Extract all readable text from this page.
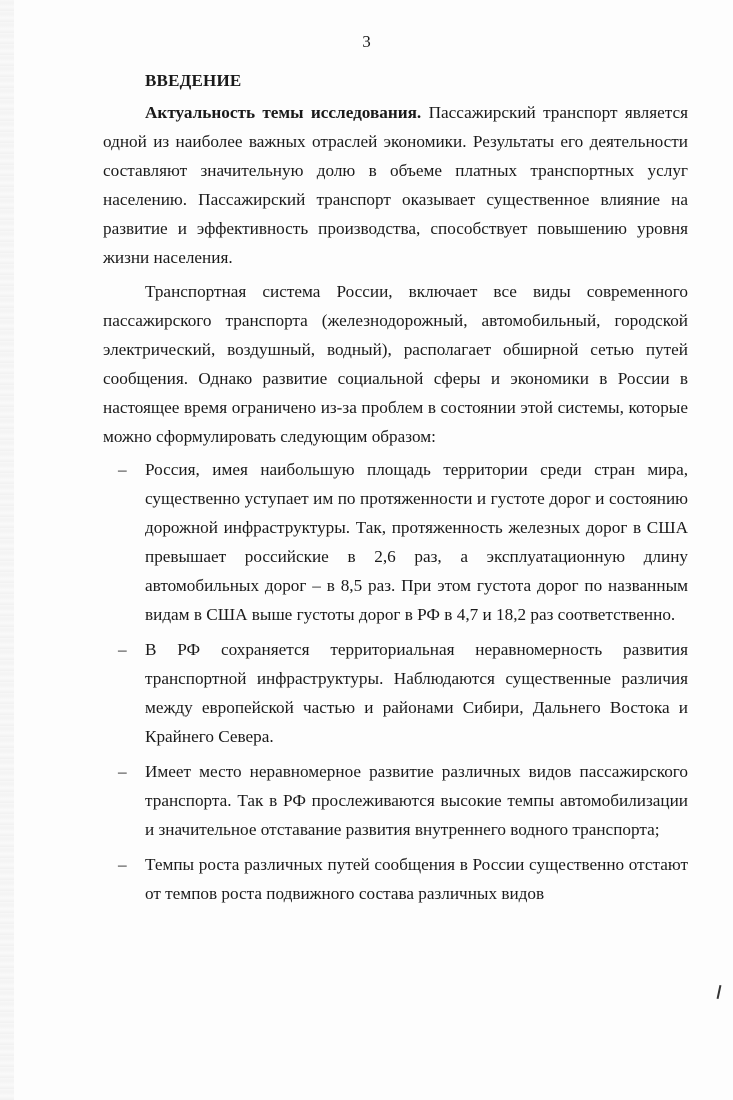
3
ВВЕДЕНИЕ

Актуальность темы исследования. Пассажирский транспорт является одной из наиболее важных отраслей экономики. Результаты его деятельности составляют значительную долю в объеме платных транспортных услуг населению. Пассажирский транспорт оказывает существенное влияние на развитие и эффективность производства, способствует повышению уровня жизни населения.

Транспортная система России, включает все виды современного пассажирского транспорта (железнодорожный, автомобильный, городской электрический, воздушный, водный), располагает обширной сетью путей сообщения. Однако развитие социальной сферы и экономики в России в настоящее время ограничено из-за проблем в состоянии этой системы, которые можно сформулировать следующим образом:

– Россия, имея наибольшую площадь территории среди стран мира, существенно уступает им по протяженности и густоте дорог и состоянию дорожной инфраструктуры. Так, протяженность железных дорог в США превышает российские в 2,6 раз, а эксплуатационную длину автомобильных дорог – в 8,5 раз. При этом густота дорог по названным видам в США выше густоты дорог в РФ в 4,7 и 18,2 раз соответственно.
– В РФ сохраняется территориальная неравномерность развития транспортной инфраструктуры. Наблюдаются существенные различия между европейской частью и районами Сибири, Дальнего Востока и Крайнего Севера.
– Имеет место неравномерное развитие различных видов пассажирского транспорта. Так в РФ прослеживаются высокие темпы автомобилизации и значительное отставание развития внутреннего водного транспорта;
– Темпы роста различных путей сообщения в России существенно отстают от темпов роста подвижного состава различных видов
